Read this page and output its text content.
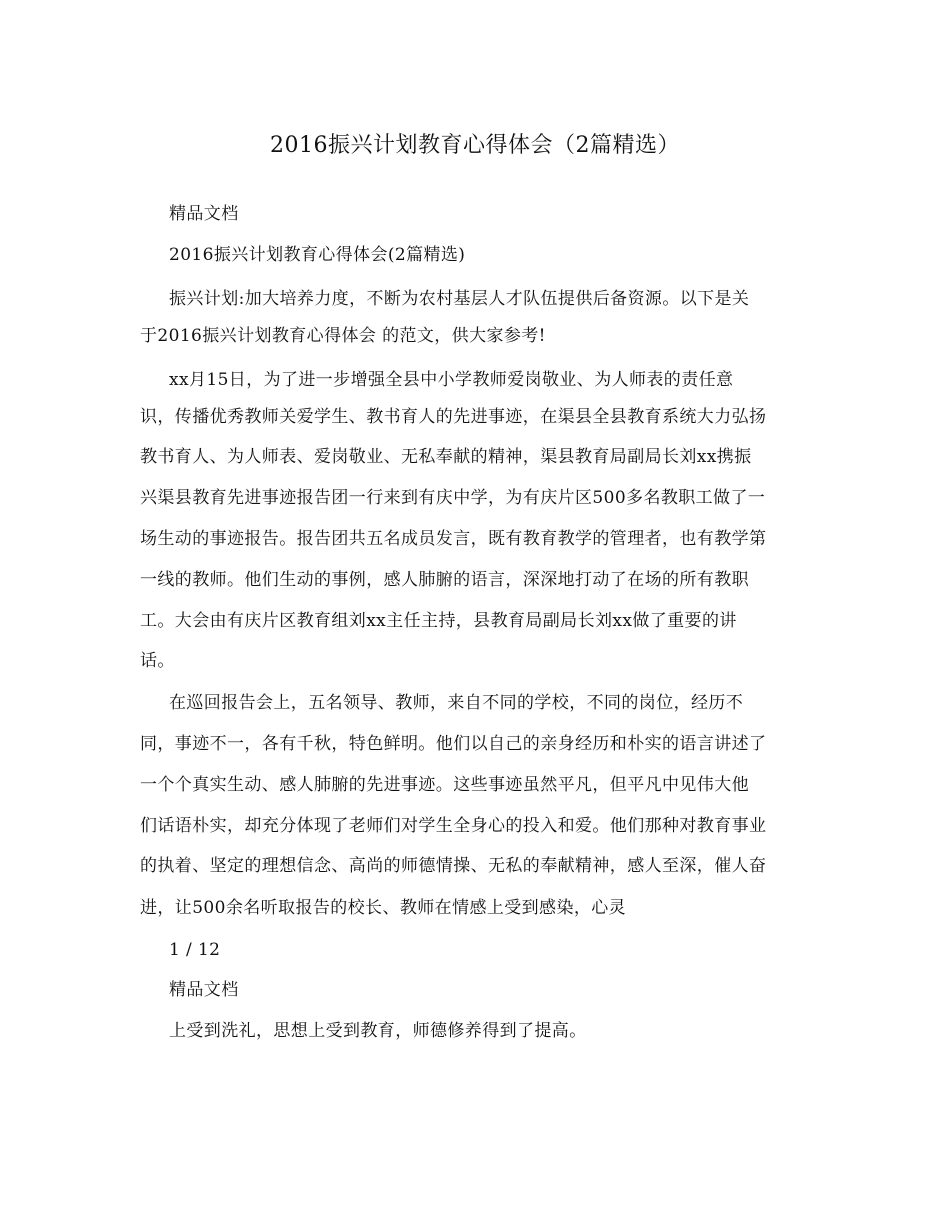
2016振兴计划教育心得体会（2篇精选）
精品文档
2016振兴计划教育心得体会(2篇精选)
振兴计划:加大培养力度，不断为农村基层人才队伍提供后备资源。以下是关
于2016振兴计划教育心得体会 的范文，供大家参考!
xx月15日，为了进一步增强全县中小学教师爱岗敬业、为人师表的责任意
识，传播优秀教师关爱学生、教书育人的先进事迹，在渠县全县教育系统大力弘扬
教书育人、为人师表、爱岗敬业、无私奉献的精神，渠县教育局副局长刘xx携振
兴渠县教育先进事迹报告团一行来到有庆中学，为有庆片区500多名教职工做了一
场生动的事迹报告。报告团共五名成员发言，既有教育教学的管理者，也有教学第
一线的教师。他们生动的事例，感人肺腑的语言，深深地打动了在场的所有教职
工。大会由有庆片区教育组刘xx主任主持，县教育局副局长刘xx做了重要的讲
话。
在巡回报告会上，五名领导、教师，来自不同的学校，不同的岗位，经历不
同，事迹不一，各有千秋，特色鲜明。他们以自己的亲身经历和朴实的语言讲述了
一个个真实生动、感人肺腑的先进事迹。这些事迹虽然平凡，但平凡中见伟大他
们话语朴实，却充分体现了老师们对学生全身心的投入和爱。他们那种对教育事业
的执着、坚定的理想信念、高尚的师德情操、无私的奉献精神，感人至深，催人奋
进，让500余名听取报告的校长、教师在情感上受到感染，心灵
1 / 12
精品文档
上受到洗礼，思想上受到教育，师德修养得到了提高。
